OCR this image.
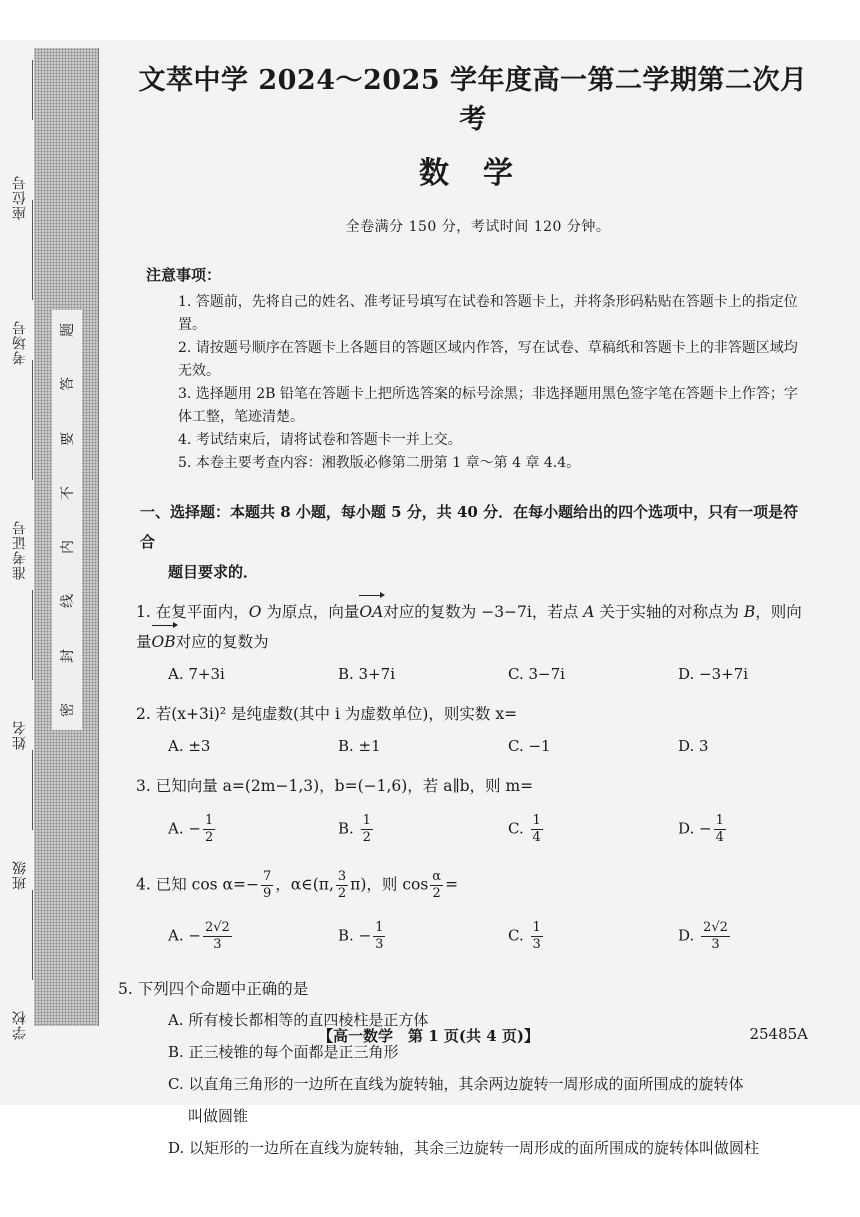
座位号
考场号
准考证号
姓名
班级
学校
题
答
要
不
内
线
封
密
文萃中学 2024～2025 学年度高一第二学期第二次月考
数学
全卷满分 150 分，考试时间 120 分钟。
注意事项：
1. 答题前，先将自己的姓名、准考证号填写在试卷和答题卡上，并将条形码粘贴在答题卡上的指定位置。
2. 请按题号顺序在答题卡上各题目的答题区域内作答，写在试卷、草稿纸和答题卡上的非答题区域均无效。
3. 选择题用 2B 铅笔在答题卡上把所选答案的标号涂黑；非选择题用黑色签字笔在答题卡上作答；字体工整，笔迹清楚。
4. 考试结束后，请将试卷和答题卡一并上交。
5. 本卷主要考查内容：湘教版必修第二册第 1 章～第 4 章 4.4。
一、选择题：本题共 8 小题，每小题 5 分，共 40 分．在每小题给出的四个选项中，只有一项是符合
题目要求的．
1. 在复平面内，O 为原点，向量OA对应的复数为 −3−7i，若点 A 关于实轴的对称点为 B，则向
量OB对应的复数为
A. 7+3i	B. 3+7i	C. 3−7i	D. −3+7i
2. 若(x+3i)² 是纯虚数(其中 i 为虚数单位)，则实数 x=
A. ±3	B. ±1	C. −1	D. 3
3. 已知向量 a=(2m−1,3)，b=(−1,6)，若 a∥b，则 m=
A. − $\frac{1}{2}$	B. $\frac{1}{2}$	C. $\frac{1}{4}$	D. − $\frac{1}{4}$
4. 已知 $\cos \alpha=- \frac{7}{9}$ ，α∈(π, $\frac{3}{2} \pi$)，则 $\cos \frac{\alpha}{2}$ =
A. − $\frac{2√2}{3}$	B. − $\frac{1}{3}$	C. $\frac{1}{3}$	D. $\frac{2√2}{3}$
5. 下列四个命题中正确的是
A. 所有棱长都相等的直四棱柱是正方体
B. 正三棱锥的每个面都是正三角形
C. 以直角三角形的一边所在直线为旋转轴，其余两边旋转一周形成的面所围成的旋转体
叫做圆锥
D. 以矩形的一边所在直线为旋转轴，其余三边旋转一周形成的面所围成的旋转体叫做圆柱
【高一数学　第 1 页(共 4 页)】	25485A
